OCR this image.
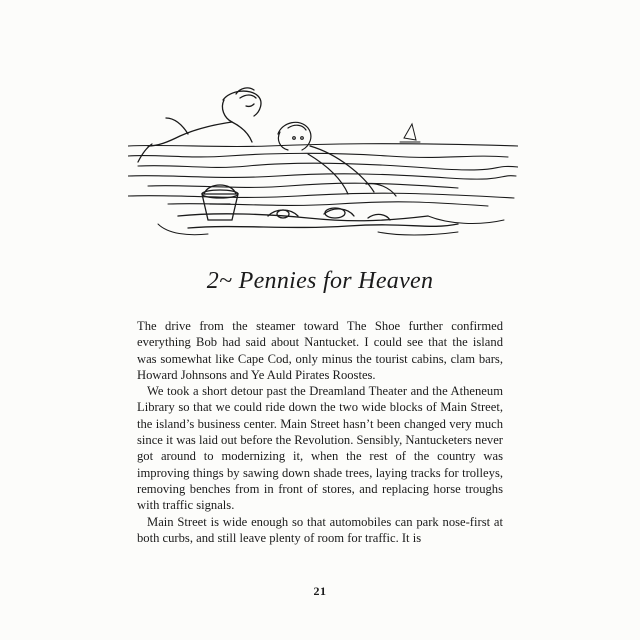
2~ Pennies for Heaven

The drive from the steamer toward The Shoe further confirmed everything Bob had said about Nantucket. I could see that the island was somewhat like Cape Cod, only minus the tourist cabins, clam bars, Howard Johnsons and Ye Auld Pirates Roostes.

We took a short detour past the Dreamland Theater and the Atheneum Library so that we could ride down the two wide blocks of Main Street, the island’s business center. Main Street hasn’t been changed very much since it was laid out before the Revolution. Sensibly, Nantucketers never got around to modernizing it, when the rest of the country was improving things by sawing down shade trees, laying tracks for trolleys, removing benches from in front of stores, and replacing horse troughs with traffic signals.

Main Street is wide enough so that automobiles can park nose-first at both curbs, and still leave plenty of room for traffic. It is

21
